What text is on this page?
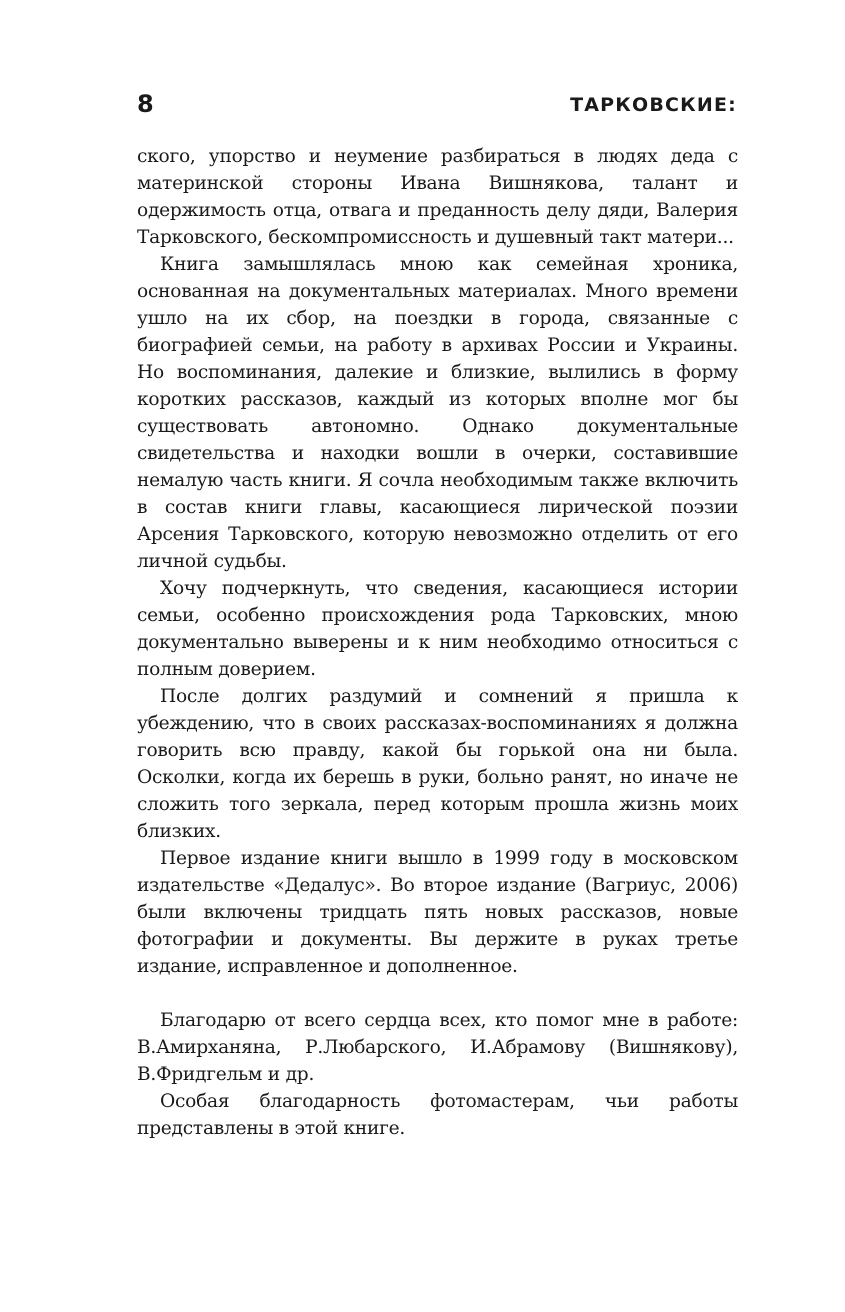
8	ТАРКОВСКИЕ:

ского, упорство и неумение разбираться в людях деда с материнской стороны Ивана Вишнякова, талант и одержимость отца, отвага и преданность делу дяди, Валерия Тарковского, бескомпромиссность и душевный такт матери...

Книга замышлялась мною как семейная хроника, основанная на документальных материалах. Много времени ушло на их сбор, на поездки в города, связанные с биографией семьи, на работу в архивах России и Украины. Но воспоминания, далекие и близкие, вылились в форму коротких рассказов, каждый из которых вполне мог бы существовать автономно. Однако документальные свидетельства и находки вошли в очерки, составившие немалую часть книги. Я сочла необходимым также включить в состав книги главы, касающиеся лирической поэзии Арсения Тарковского, которую невозможно отделить от его личной судьбы.

Хочу подчеркнуть, что сведения, касающиеся истории семьи, особенно происхождения рода Тарковских, мною документально выверены и к ним необходимо относиться с полным доверием.

После долгих раздумий и сомнений я пришла к убеждению, что в своих рассказах-воспоминаниях я должна говорить всю правду, какой бы горькой она ни была. Осколки, когда их берешь в руки, больно ранят, но иначе не сложить того зеркала, перед которым прошла жизнь моих близких.

Первое издание книги вышло в 1999 году в московском издательстве «Дедалус». Во второе издание (Вагриус, 2006) были включены тридцать пять новых рассказов, новые фотографии и документы. Вы держите в руках третье издание, исправленное и дополненное.

Благодарю от всего сердца всех, кто помог мне в работе: В.Амирханяна, Р.Любарского, И.Абрамову (Вишнякову), В.Фридгельм и др.

Особая благодарность фотомастерам, чьи работы представлены в этой книге.
